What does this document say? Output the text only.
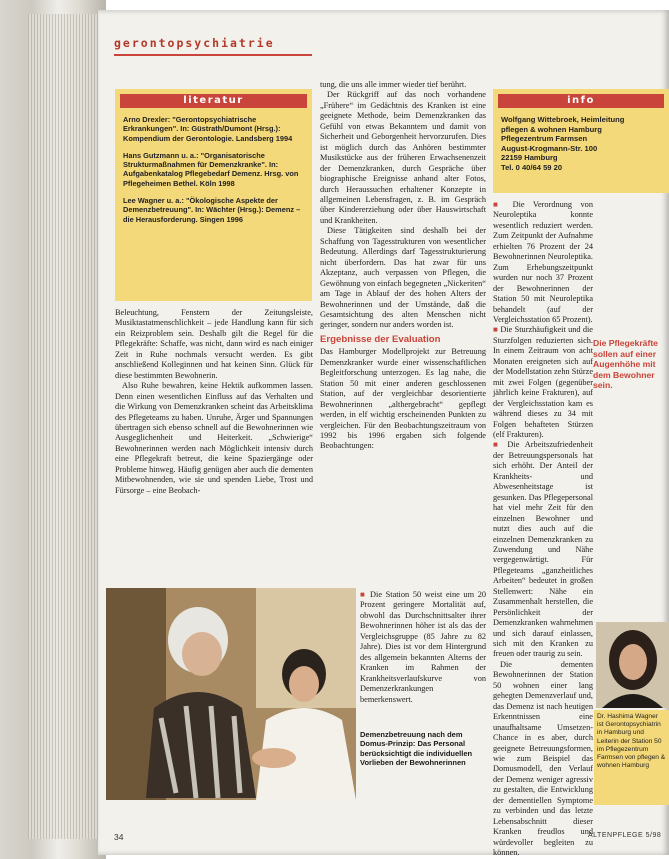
gerontopsychiatrie
literatur
Arno Drexler: "Gerontopsychiatrische Erkrankungen". In: Güstrath/Dumont (Hrsg.): Kompendium der Gerontologie. Landsberg 1994
Hans Gutzmann u. a.: "Organisatorische Strukturmaßnahmen für Demenzkranke". In: Aufgabenkatalog Pflegebedarf Demenz. Hrsg. von Pflegeheimen Bethel. Köln 1998
Lee Wagner u. a.: "Ökologische Aspekte der Demenzbetreuung". In: Wächter (Hrsg.): Demenz – die Herausforderung. Singen 1996
info
Wolfgang Wittebroek, Heimleitung
pflegen & wohnen Hamburg
Pflegezentrum Farmsen
August-Krogmann-Str. 100
22159 Hamburg
Tel. 0 40/64 59 20

Beleuchtung, Fenstern der Zeitungsleiste, Musiktastatmenschlichkeit – jede Handlung kann für sich ein Reizproblem sein. Deshalb gilt die Regel für die Pflegekräfte: Schaffe, was nicht, dann wird es nach einiger Zeit in Ruhe nochmals versucht werden. Es gibt anschließend Kolleginnen und hat keinen Sinn. Glück für diese bestimmten Bewohnerin.

Also Ruhe bewahren, keine Hektik aufkommen lassen. Denn einen wesentlichen Einfluss auf das Verhalten und die Wirkung von Demenzkranken scheint das Arbeitsklima des Pflegeteams zu haben. Unruhe, Ärger und Spannungen übertragen sich ebenso schnell auf die Bewohnerinnen wie Ausgeglichenheit und Heiterkeit. „Schwierige“ Bewohnerinnen werden nach Möglichkeit intensiv durch eine Pflegekraft betreut, die keine Spaziergänge oder Probleme hinweg. Häufig genügen aber auch die dementen Mitbewohnenden, wie sie und spenden Liebe, Trost und Fürsorge – eine Beobach-

tung, die uns alle immer wieder tief berührt.

Der Rückgriff auf das noch vorhandene „Frühere“ im Gedächtnis des Kranken ist eine geeignete Methode, beim Demenzkranken das Gefühl von etwas Bekanntem und damit von Sicherheit und Geborgenheit hervorzurufen. Dies ist möglich durch das Anhören bestimmter Musikstücke aus der früheren Erwachsenenzeit der Demenzkranken, durch Gespräche über biographische Ereignisse anhand alter Fotos, durch Heraussuchen erhaltener Konzepte in allgemeinen Lebensfragen, z. B. im Gespräch über Kindererziehung oder über Hauswirtschaft und Krankheiten.

Diese Tätigkeiten sind deshalb bei der Schaffung von Tagesstrukturen von wesentlicher Bedeutung. Allerdings darf Tagesstrukturierung nicht überfordern. Das hat zwar für uns Akzeptanz, auch verpassen von Pflegen, die Gewöhnung von einfach begegneten „Nickeriten“ am Tage in Ablauf der des hohen Alters der Bewohnerinnen und der Umstände, daß die Gesamtsichtung des alten Menschen nicht geringer, sondern nur anders worden ist.

Ergebnisse der Evaluation

Das Hamburger Modellprojekt zur Betreuung Demenzkranker wurde einer wissenschaftlichen Begleitforschung unterzogen. Es lag nahe, die Station 50 mit einer anderen geschlossenen Station, auf der vergleichbar desorientierte Bewohnerinnen „althergebracht“ gepflegt werden, in elf wichtig erscheinenden Punkten zu vergleichen. Für den Beobachtungszeitraum von 1992 bis 1996 ergaben sich folgende Beobachtungen:

■ Die Station 50 weist eine um 20 Prozent geringere Mortalität auf, obwohl das Durchschnittsalter ihrer Bewohnerinnen höher ist als das der Vergleichsgruppe (85 Jahre zu 82 Jahre). Dies ist vor dem Hintergrund des allgemein bekannten Alterns der Kranken im Rahmen der Krankheitsverlaufskurve von Demenzerkrankungen bemerkenswert.

■ Die Verordnung von Neuroleptika konnte wesentlich reduziert werden. Zum Zeitpunkt der Aufnahme erhielten 76 Prozent der 24 Bewohnerinnen Neuroleptika. Zum Erhebungszeitpunkt wurden nur noch 37 Prozent der Bewohnerinnen der Station 50 mit Neuroleptika behandelt (auf der Vergleichsstation 65 Prozent).

■ Die Sturzhäufigkeit und die Sturzfolgen reduzierten sich. In einem Zeitraum von acht Monaten ereigneten sich auf der Modellstation zehn Stürze mit zwei Folgen (gegenüber jährlich keine Frakturen), auf der Vergleichsstation kam es während dieses zu 34 mit Folgen behafteten Stürzen (elf Frakturen).

■ Die Arbeitszufriedenheit der Betreuungspersonals hat sich erhöht. Der Anteil der Krankheits- und Abwesenheitstage ist gesunken. Das Pflegepersonal hat viel mehr Zeit für den einzelnen Bewohner und nutzt dies auch auf die einzelnen Demenzkranken zu Zuwendung und Nähe vergegenwärtigt. Für Pflegeteams „ganzheitliches Arbeiten“ bedeutet in großen Stellenwert: Nähe ein Zusammenhalt herstellen, die Persönlichkeit der Demenzkranken wahrnehmen und sich darauf einlassen, sich mit den Kranken zu freuen oder traurig zu sein.

Die dementen Bewohnerinnen der Station 50 wohnen einer lang gehegten Demenzverlauf und, das Demenz ist nach heutigen Erkenntnissen eine unaufhaltsame Umsetzen-Chance in es aber, durch geeignete Betreuungsformen, wie zum Beispiel das Domusmodell, den Verlauf der Demenz weniger agressiv zu gestalten, die Entwicklung der dementiellen Symptome zu verbinden und das letzte Lebensabschnitt dieser Kranken freudlos und würdevoller begleiten zu können.

Die Pflegekräfte sollen auf einer Augenhöhe mit dem Bewohner sein.
Demenzbetreuung nach dem Domus-Prinzip: Das Personal berücksichtigt die individuellen Vorlieben der Bewohnerinnen
Dr. Hashima Wagner ist Gerontopsychiatrin in Hamburg und Leiterin der Station 50 im Pflegezentrum Farmsen von pflegen & wohnen Hamburg
34	ALTENPFLEGE 5/98
